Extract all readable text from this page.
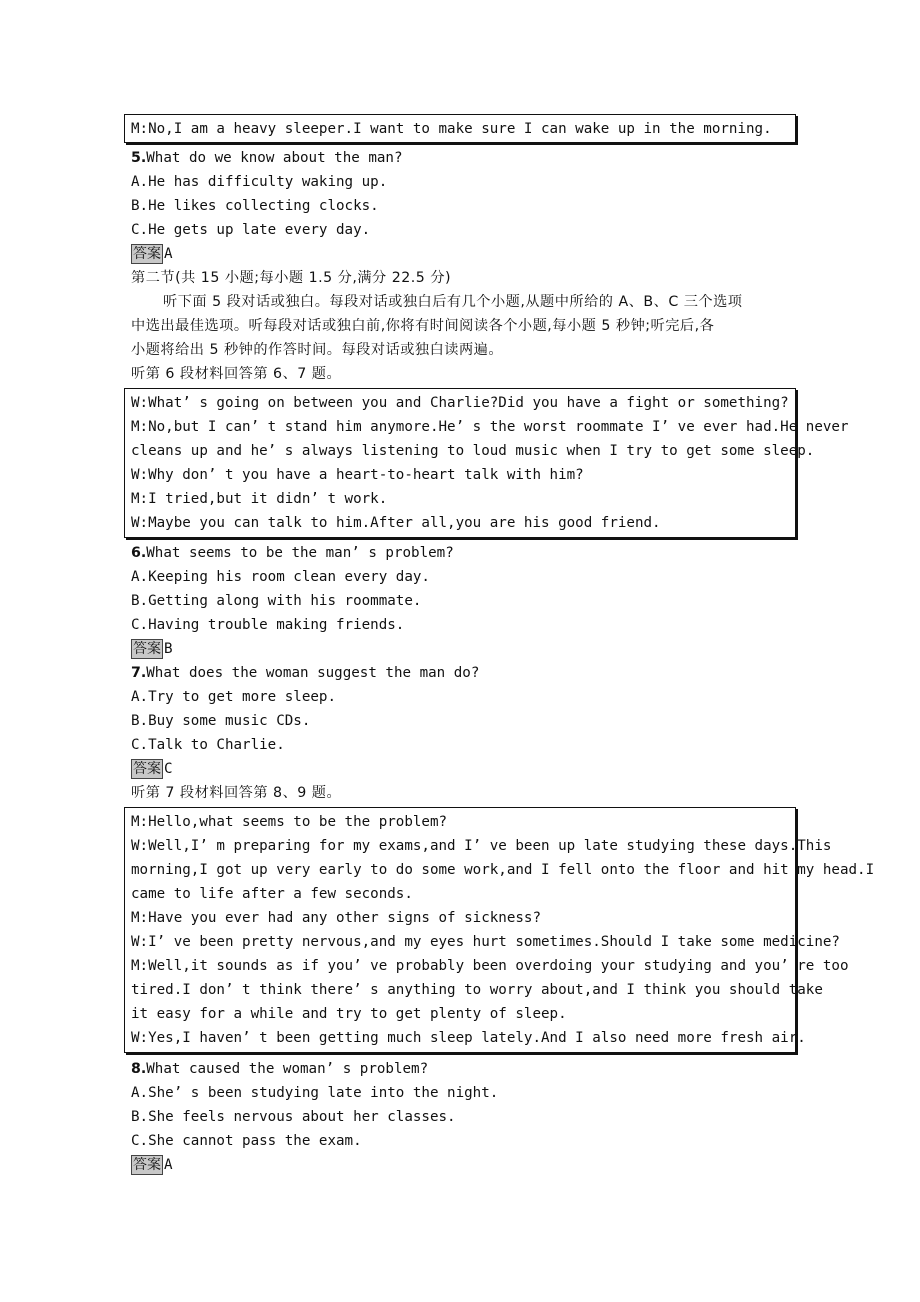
M:No,I am a heavy sleeper.I want to make sure I can wake up in the morning.
5.What do we know about the man?
A.He has difficulty waking up.
B.He likes collecting clocks.
C.He gets up late every day.
答案 A
第二节(共 15 小题;每小题 1.5 分,满分 22.5 分)
听下面 5 段对话或独白。每段对话或独白后有几个小题,从题中所给的 A、B、C 三个选项
中选出最佳选项。听每段对话或独白前,你将有时间阅读各个小题,每小题 5 秒钟;听完后,各
小题将给出 5 秒钟的作答时间。每段对话或独白读两遍。
听第 6 段材料回答第 6、7 题。
W:What’ s going on between you and Charlie?Did you have a fight or something?
M:No,but I can’ t stand him anymore.He’ s the worst roommate I’ ve ever had.He never
cleans up and he’ s always listening to loud music when I try to get some sleep.
W:Why don’ t you have a heart-to-heart talk with him?
M:I tried,but it didn’ t work.
W:Maybe you can talk to him.After all,you are his good friend.
6.What seems to be the man’ s problem?
A.Keeping his room clean every day.
B.Getting along with his roommate.
C.Having trouble making friends.
答案 B
7.What does the woman suggest the man do?
A.Try to get more sleep.
B.Buy some music CDs.
C.Talk to Charlie.
答案 C
听第 7 段材料回答第 8、9 题。
M:Hello,what seems to be the problem?
W:Well,I’ m preparing for my exams,and I’ ve been up late studying these days.This
morning,I got up very early to do some work,and I fell onto the floor and hit my head.I
came to life after a few seconds.
M:Have you ever had any other signs of sickness?
W:I’ ve been pretty nervous,and my eyes hurt sometimes.Should I take some medicine?
M:Well,it sounds as if you’ ve probably been overdoing your studying and you’ re too
tired.I don’ t think there’ s anything to worry about,and I think you should take
it easy for a while and try to get plenty of sleep.
W:Yes,I haven’ t been getting much sleep lately.And I also need more fresh air.
8.What caused the woman’ s problem?
A.She’ s been studying late into the night.
B.She feels nervous about her classes.
C.She cannot pass the exam.
答案 A
